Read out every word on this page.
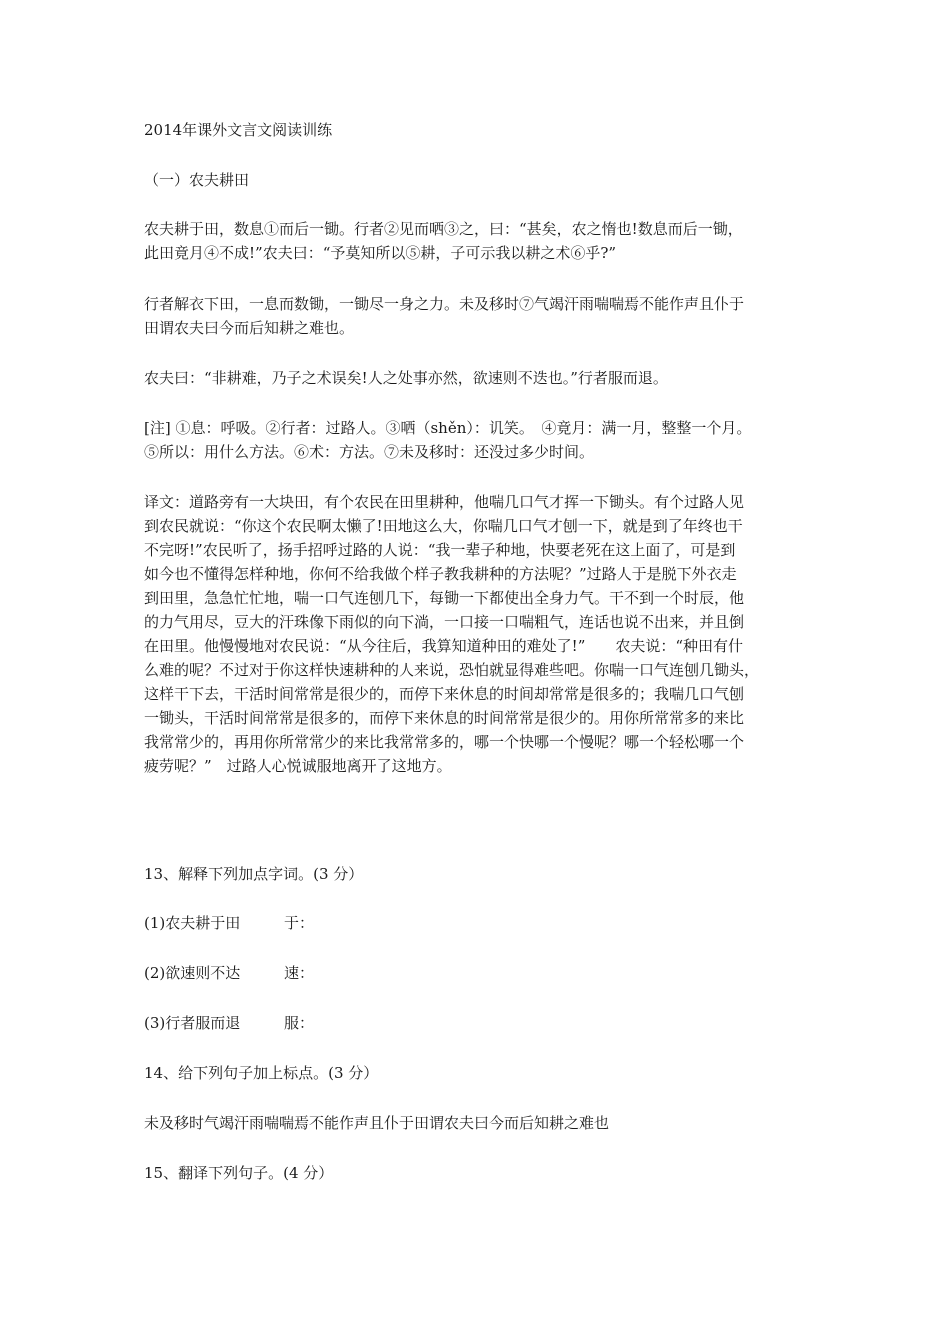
2014年课外文言文阅读训练

（一）农夫耕田

农夫耕于田，数息①而后一锄。行者②见而哂③之，曰：“甚矣，农之惰也!数息而后一锄，

此田竟月④不成!”农夫曰：“予莫知所以⑤耕，子可示我以耕之术⑥乎?”

行者解衣下田，一息而数锄，一锄尽一身之力。未及移时⑦气竭汗雨喘喘焉不能作声且仆于

田谓农夫曰今而后知耕之难也。

农夫曰：“非耕难，乃子之术误矣!人之处事亦然，欲速则不迭也。”行者服而退。

[注] ①息：呼吸。②行者：过路人。③哂（shěn）：讥笑。　④竟月：满一月，整整一个月。

⑤所以：用什么方法。⑥术：方法。⑦未及移时：还没过多少时间。

译文：道路旁有一大块田，有个农民在田里耕种，他喘几口气才挥一下锄头。有个过路人见

到农民就说：“你这个农民啊太懒了!田地这么大，你喘几口气才刨一下，就是到了年终也干

不完呀!”农民听了，扬手招呼过路的人说：“我一辈子种地，快要老死在这上面了，可是到

如今也不懂得怎样种地，你何不给我做个样子教我耕种的方法呢？”过路人于是脱下外衣走

到田里，急急忙忙地，喘一口气连刨几下，每锄一下都使出全身力气。干不到一个时辰，他

的力气用尽，豆大的汗珠像下雨似的向下淌，一口接一口喘粗气，连话也说不出来，并且倒

在田里。他慢慢地对农民说：“从今往后，我算知道种田的难处了!”　　农夫说：“种田有什

么难的呢？不过对于你这样快速耕种的人来说，恐怕就显得难些吧。你喘一口气连刨几锄头，

这样干下去，干活时间常常是很少的，而停下来休息的时间却常常是很多的；我喘几口气刨

一锄头，干活时间常常是很多的，而停下来休息的时间常常是很少的。用你所常常多的来比

我常常少的，再用你所常常少的来比我常常多的，哪一个快哪一个慢呢？哪一个轻松哪一个

疲劳呢？”　过路人心悦诚服地离开了这地方。

13、解释下列加点字词。(3 分）

(1)农夫耕于田	于：
(2)欲速则不达	速：
(3)行者服而退	服：

14、给下列句子加上标点。(3 分）

未及移时气竭汗雨喘喘焉不能作声且仆于田谓农夫曰今而后知耕之难也

15、翻译下列句子。(4 分）
